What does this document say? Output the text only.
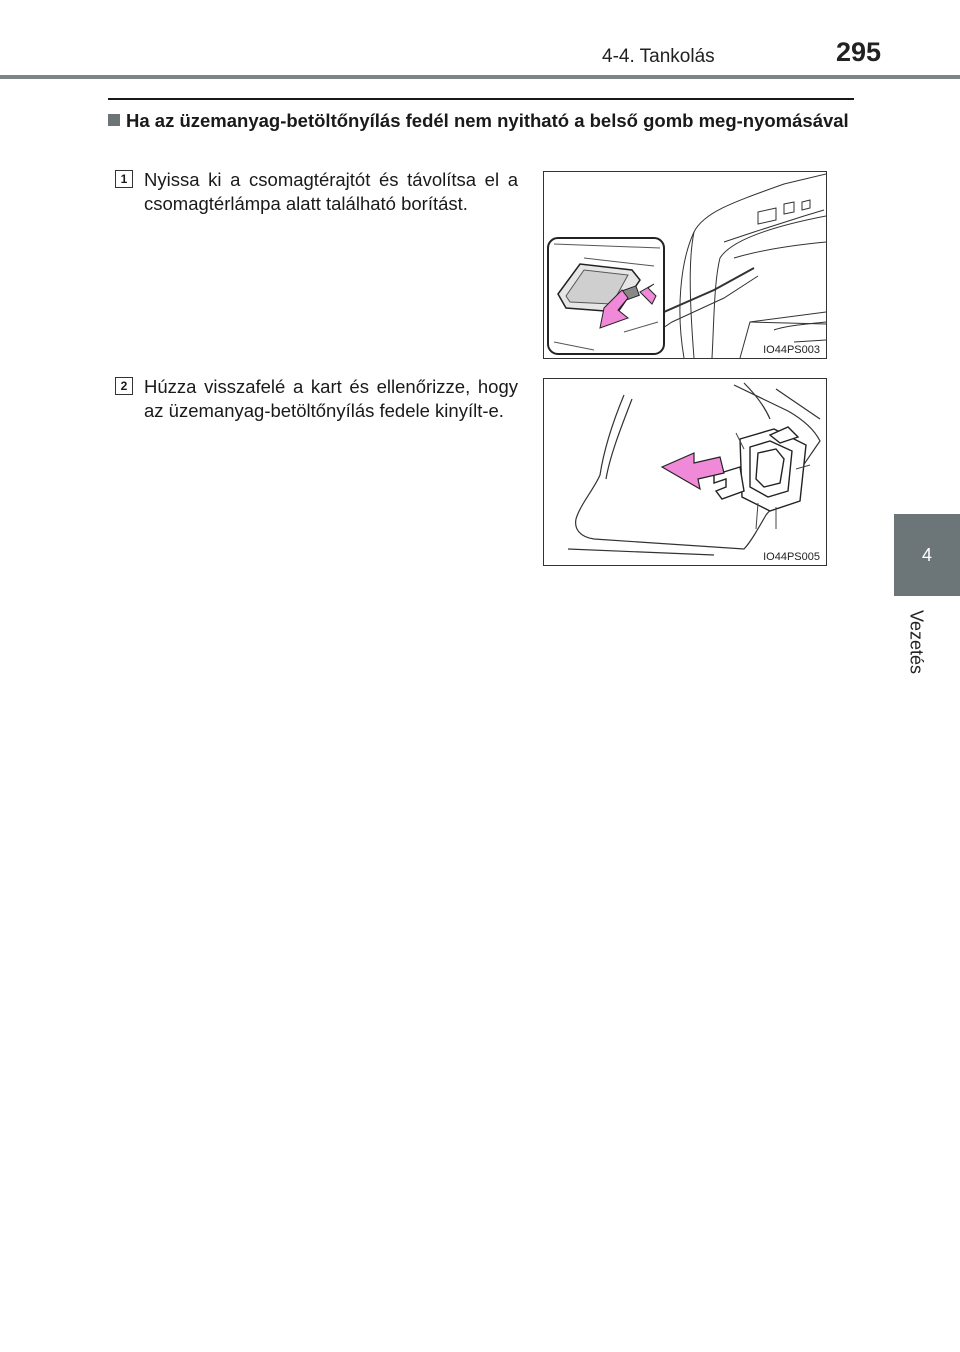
4-4. Tankolás	295
4
Vezetés
Ha az üzemanyag-betöltőnyílás fedél nem nyitható a belső gomb meg-nyomásával
1 Nyissa ki a csomagtérajtót és távolítsa el a csomagtérlámpa alatt található borítást.
IO44PS003
2 Húzza visszafelé a kart és ellenőrizze, hogy az üzemanyag-betöltőnyílás fedele kinyílt-e.
IO44PS005
